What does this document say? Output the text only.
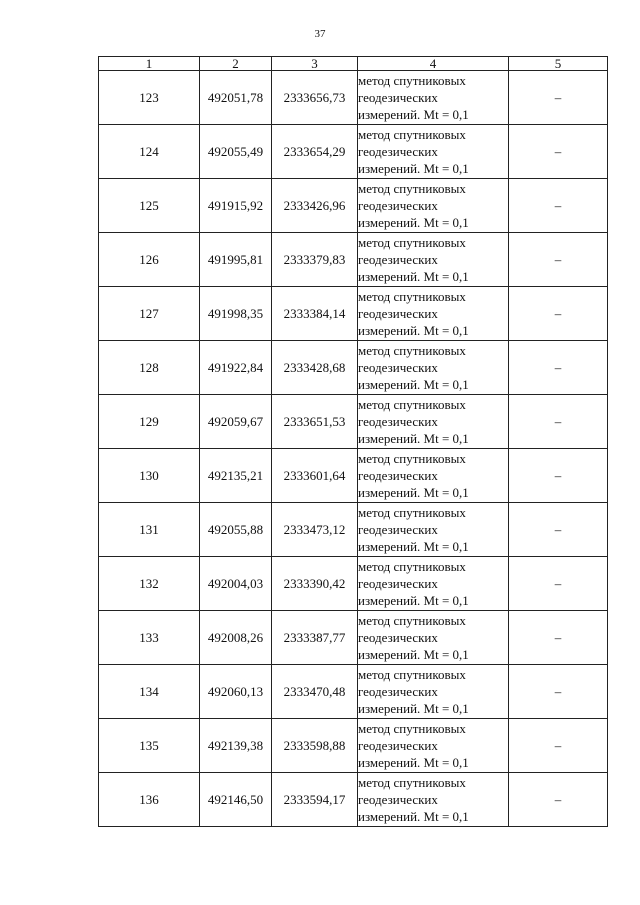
37
1	2	3	4	5
123	492051,78	2333656,73	метод спутниковых
геодезических
измерений. Mt = 0,1	–
124	492055,49	2333654,29	метод спутниковых
геодезических
измерений. Mt = 0,1	–
125	491915,92	2333426,96	метод спутниковых
геодезических
измерений. Mt = 0,1	–
126	491995,81	2333379,83	метод спутниковых
геодезических
измерений. Mt = 0,1	–
127	491998,35	2333384,14	метод спутниковых
геодезических
измерений. Mt = 0,1	–
128	491922,84	2333428,68	метод спутниковых
геодезических
измерений. Mt = 0,1	–
129	492059,67	2333651,53	метод спутниковых
геодезических
измерений. Mt = 0,1	–
130	492135,21	2333601,64	метод спутниковых
геодезических
измерений. Mt = 0,1	–
131	492055,88	2333473,12	метод спутниковых
геодезических
измерений. Mt = 0,1	–
132	492004,03	2333390,42	метод спутниковых
геодезических
измерений. Mt = 0,1	–
133	492008,26	2333387,77	метод спутниковых
геодезических
измерений. Mt = 0,1	–
134	492060,13	2333470,48	метод спутниковых
геодезических
измерений. Mt = 0,1	–
135	492139,38	2333598,88	метод спутниковых
геодезических
измерений. Mt = 0,1	–
136	492146,50	2333594,17	метод спутниковых
геодезических
измерений. Mt = 0,1	–
